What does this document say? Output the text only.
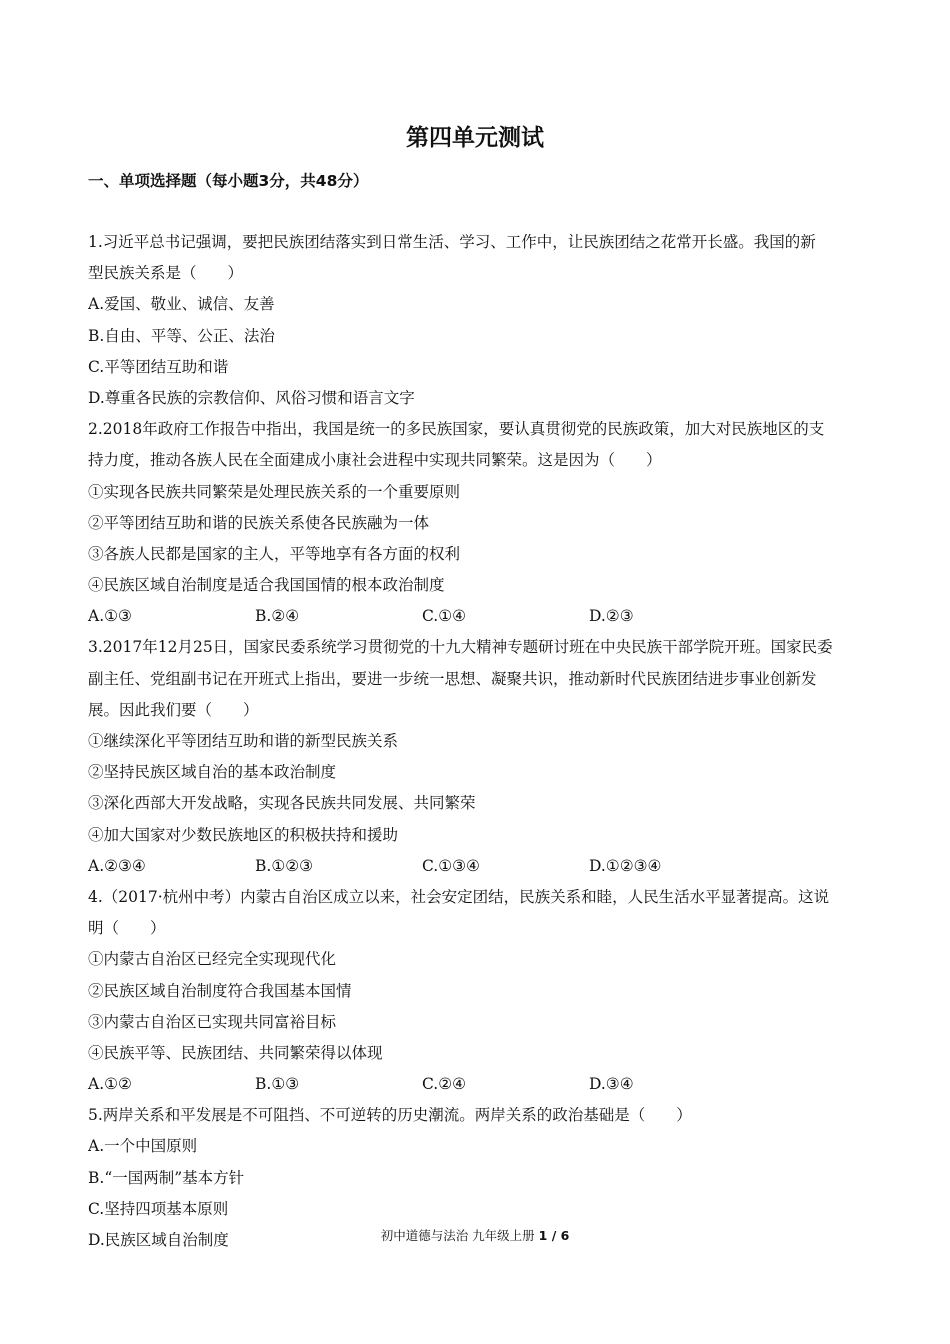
第四单元测试
一、单项选择题（每小题3分，共48分）
1.习近平总书记强调，要把民族团结落实到日常生活、学习、工作中，让民族团结之花常开长盛。我国的新
型民族关系是（　　）
A.爱国、敬业、诚信、友善
B.自由、平等、公正、法治
C.平等团结互助和谐
D.尊重各民族的宗教信仰、风俗习惯和语言文字
2.2018年政府工作报告中指出，我国是统一的多民族国家，要认真贯彻党的民族政策，加大对民族地区的支
持力度，推动各族人民在全面建成小康社会进程中实现共同繁荣。这是因为（　　）
①实现各民族共同繁荣是处理民族关系的一个重要原则
②平等团结互助和谐的民族关系使各民族融为一体
③各族人民都是国家的主人，平等地享有各方面的权利
④民族区域自治制度是适合我国国情的根本政治制度
A.①③	B.②④	C.①④	D.②③
3.2017年12月25日，国家民委系统学习贯彻党的十九大精神专题研讨班在中央民族干部学院开班。国家民委
副主任、党组副书记在开班式上指出，要进一步统一思想、凝聚共识，推动新时代民族团结进步事业创新发
展。因此我们要（　　）
①继续深化平等团结互助和谐的新型民族关系
②坚持民族区域自治的基本政治制度
③深化西部大开发战略，实现各民族共同发展、共同繁荣
④加大国家对少数民族地区的积极扶持和援助
A.②③④	B.①②③	C.①③④	D.①②③④
4.（2017·杭州中考）内蒙古自治区成立以来，社会安定团结，民族关系和睦，人民生活水平显著提高。这说
明（　　）
①内蒙古自治区已经完全实现现代化
②民族区域自治制度符合我国基本国情
③内蒙古自治区已实现共同富裕目标
④民族平等、民族团结、共同繁荣得以体现
A.①②	B.①③	C.②④	D.③④
5.两岸关系和平发展是不可阻挡、不可逆转的历史潮流。两岸关系的政治基础是（　　）
A.一个中国原则
B.“一国两制”基本方针
C.坚持四项基本原则
D.民族区域自治制度	初中道德与法治 九年级上册 1 / 6
